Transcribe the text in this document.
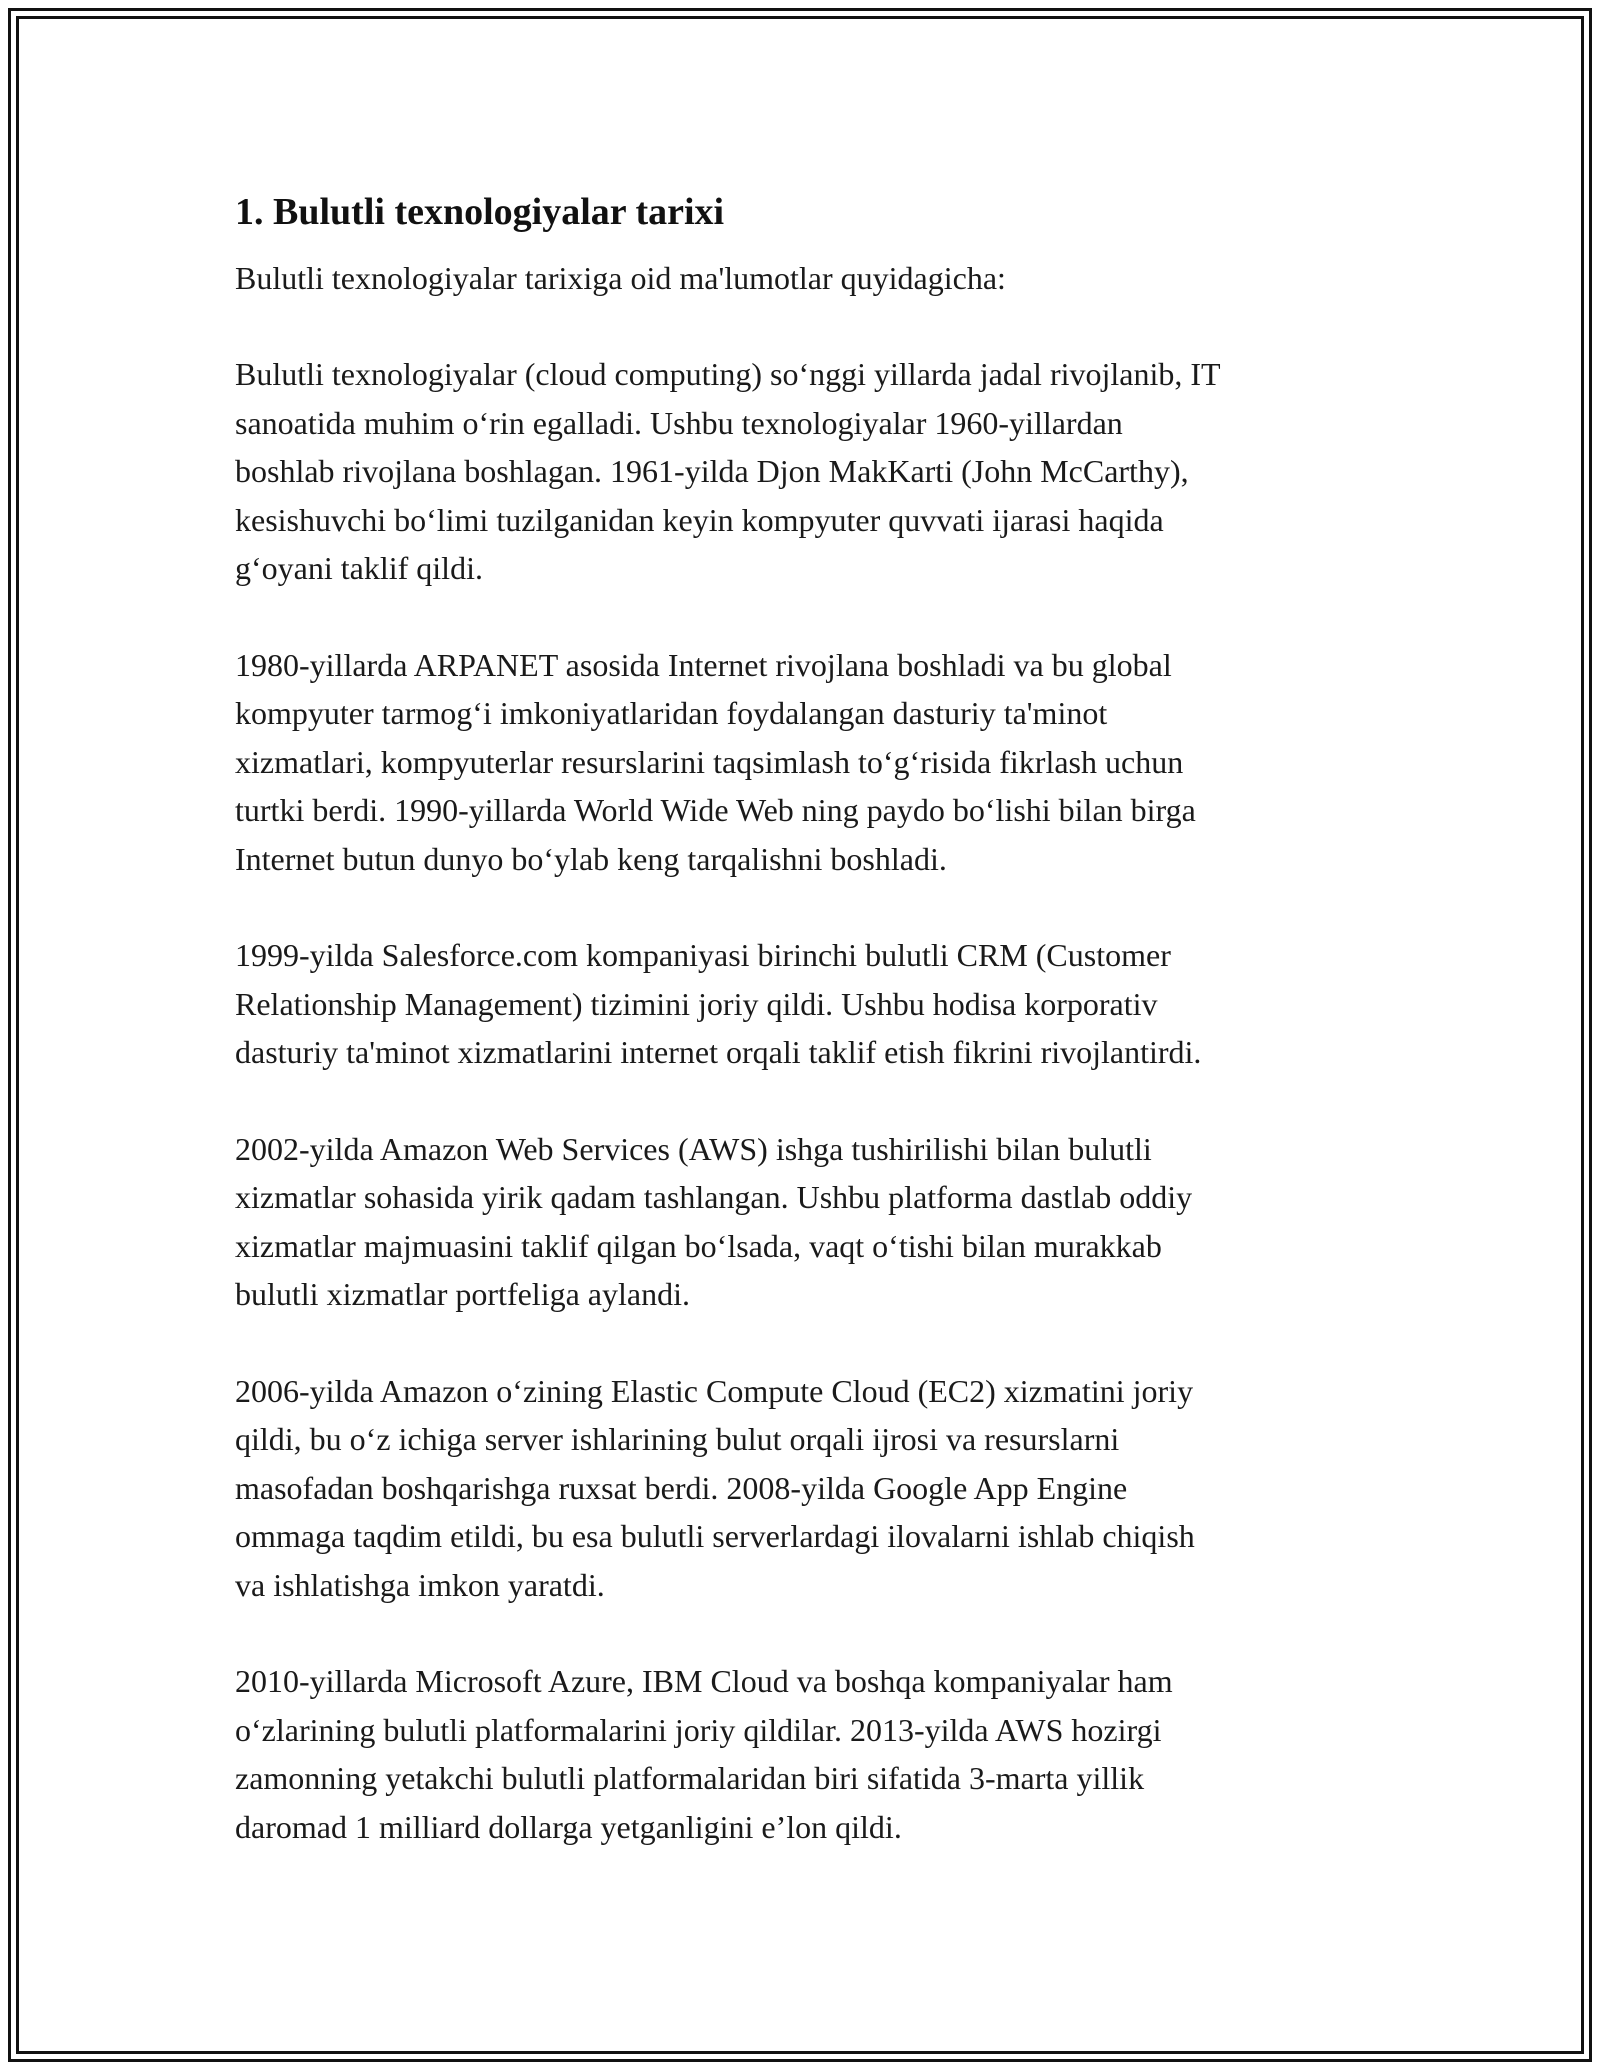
1. Bulutli texnologiyalar tarixi

Bulutli texnologiyalar tarixiga oid ma'lumotlar quyidagicha:

Bulutli texnologiyalar (cloud computing) so‘nggi yillarda jadal rivojlanib, IT
sanoatida muhim o‘rin egalladi. Ushbu texnologiyalar 1960-yillardan
boshlab rivojlana boshlagan. 1961-yilda Djon MakKarti (John McCarthy),
kesishuvchi bo‘limi tuzilganidan keyin kompyuter quvvati ijarasi haqida
g‘oyani taklif qildi.

1980-yillarda ARPANET asosida Internet rivojlana boshladi va bu global
kompyuter tarmog‘i imkoniyatlaridan foydalangan dasturiy ta'minot
xizmatlari, kompyuterlar resurslarini taqsimlash to‘g‘risida fikrlash uchun
turtki berdi. 1990-yillarda World Wide Web ning paydo bo‘lishi bilan birga
Internet butun dunyo bo‘ylab keng tarqalishni boshladi.

1999-yilda Salesforce.com kompaniyasi birinchi bulutli CRM (Customer
Relationship Management) tizimini joriy qildi. Ushbu hodisa korporativ
dasturiy ta'minot xizmatlarini internet orqali taklif etish fikrini rivojlantirdi.

2002-yilda Amazon Web Services (AWS) ishga tushirilishi bilan bulutli
xizmatlar sohasida yirik qadam tashlangan. Ushbu platforma dastlab oddiy
xizmatlar majmuasini taklif qilgan bo‘lsada, vaqt o‘tishi bilan murakkab
bulutli xizmatlar portfeliga aylandi.

2006-yilda Amazon o‘zining Elastic Compute Cloud (EC2) xizmatini joriy
qildi, bu o‘z ichiga server ishlarining bulut orqali ijrosi va resurslarni
masofadan boshqarishga ruxsat berdi. 2008-yilda Google App Engine
ommaga taqdim etildi, bu esa bulutli serverlardagi ilovalarni ishlab chiqish
va ishlatishga imkon yaratdi.

2010-yillarda Microsoft Azure, IBM Cloud va boshqa kompaniyalar ham
o‘zlarining bulutli platformalarini joriy qildilar. 2013-yilda AWS hozirgi
zamonning yetakchi bulutli platformalaridan biri sifatida 3-marta yillik
daromad 1 milliard dollarga yetganligini e’lon qildi.
